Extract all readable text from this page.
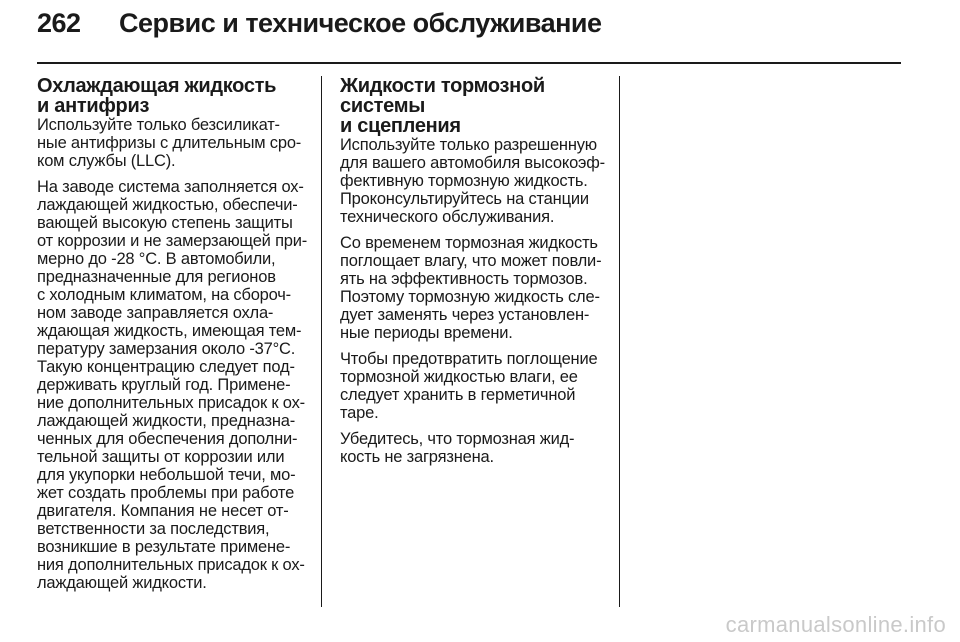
262 Сервис и техническое обслуживание
Охлаждающая жидкость
и антифриз
Используйте только безсиликат-
ные антифризы с длительным сро-
ком службы (LLC).
На заводе система заполняется ох-
лаждающей жидкостью, обеспечи-
вающей высокую степень защиты
от коррозии и не замерзающей при-
мерно до -28 °C. В автомобили,
предназначенные для регионов
с холодным климатом, на сбороч-
ном заводе заправляется охла-
ждающая жидкость, имеющая тем-
пературу замерзания около -37°C.
Такую концентрацию следует под-
держивать круглый год. Примене-
ние дополнительных присадок к ох-
лаждающей жидкости, предназна-
ченных для обеспечения дополни-
тельной защиты от коррозии или
для укупорки небольшой течи, мо-
жет создать проблемы при работе
двигателя. Компания не несет от-
ветственности за последствия,
возникшие в результате примене-
ния дополнительных присадок к ох-
лаждающей жидкости.
Жидкости тормозной системы
и сцепления
Используйте только разрешенную
для вашего автомобиля высокоэф-
фективную тормозную жидкость.
Проконсультируйтесь на станции
технического обслуживания.
Со временем тормозная жидкость
поглощает влагу, что может повли-
ять на эффективность тормозов.
Поэтому тормозную жидкость сле-
дует заменять через установлен-
ные периоды времени.
Чтобы предотвратить поглощение
тормозной жидкостью влаги, ее
следует хранить в герметичной
таре.
Убедитесь, что тормозная жид-
кость не загрязнена.
carmanualsonline.info
